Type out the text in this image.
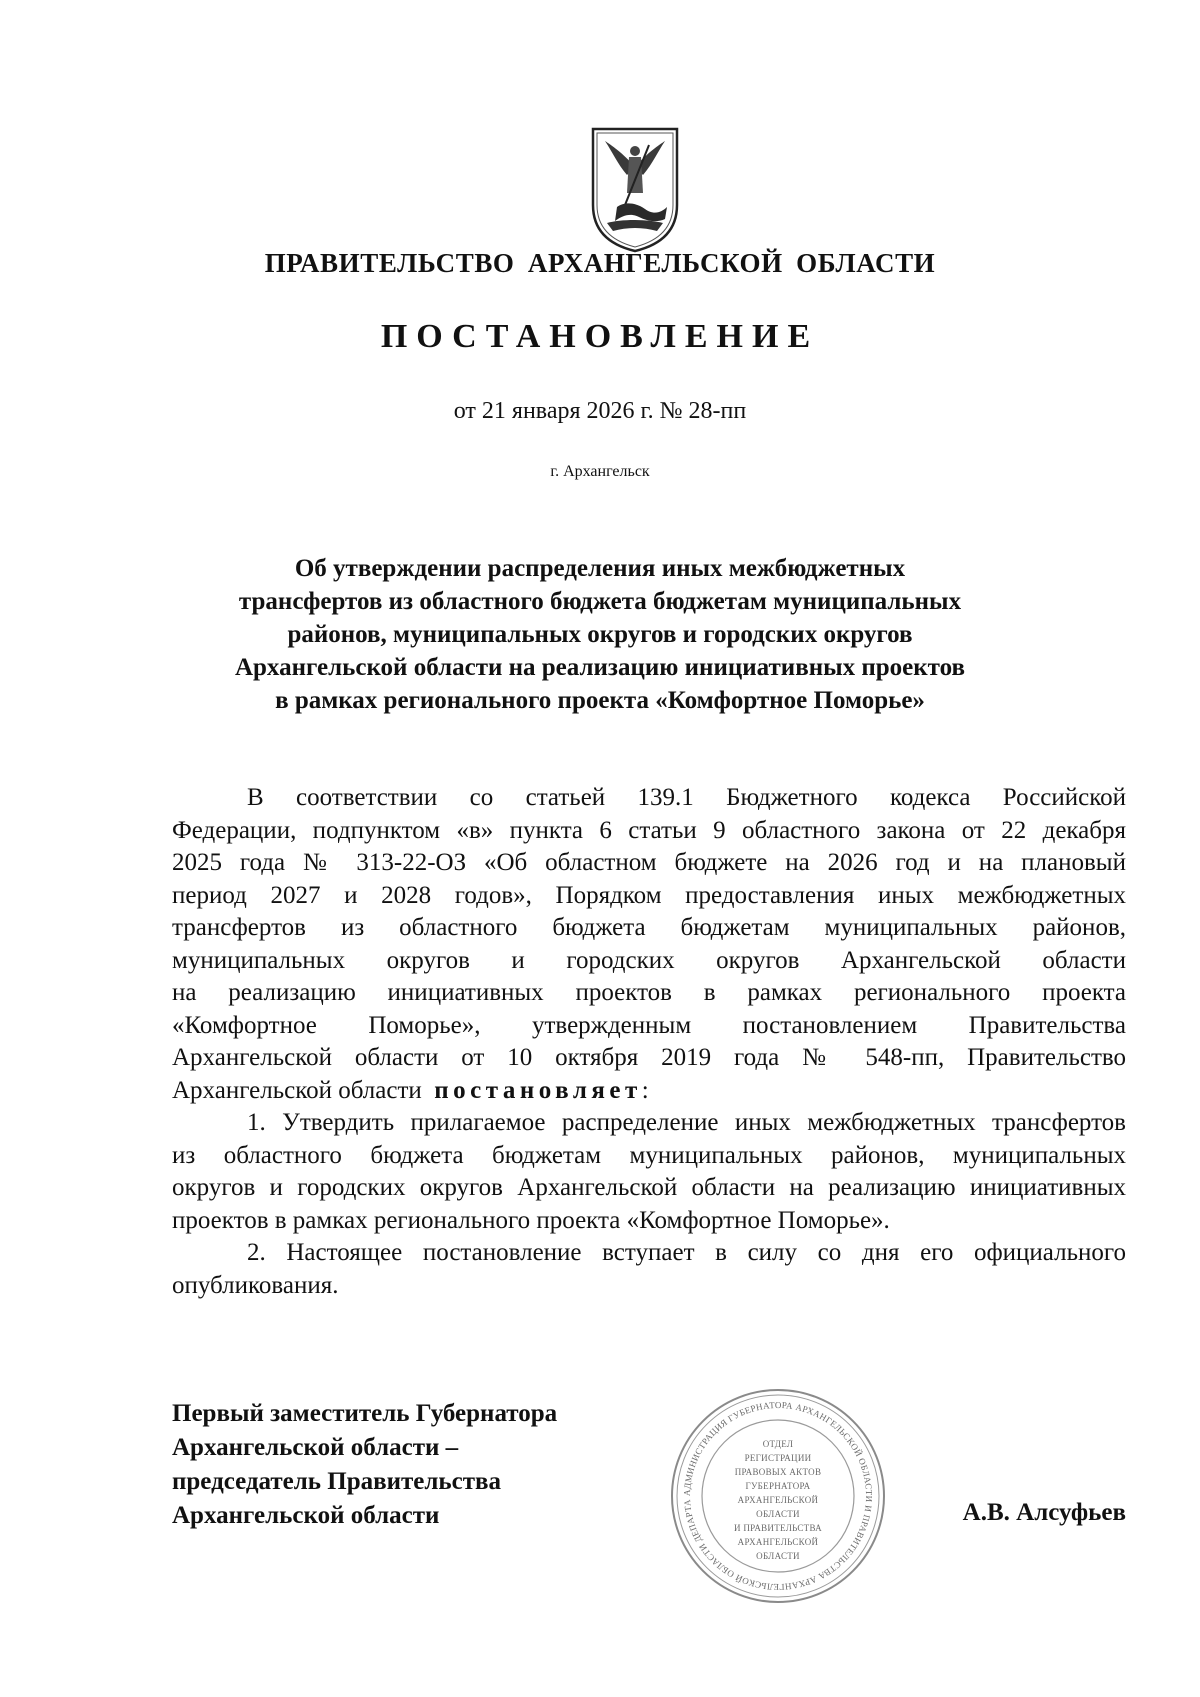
ПРАВИТЕЛЬСТВО АРХАНГЕЛЬСКОЙ ОБЛАСТИ
ПОСТАНОВЛЕНИЕ
от 21 января 2026 г. № 28-пп
г. Архангельск
Об утверждении распределения иных межбюджетных
трансфертов из областного бюджета бюджетам муниципальных
районов, муниципальных округов и городских округов
Архангельской области на реализацию инициативных проектов
в рамках регионального проекта «Комфортное Поморье»
В соответствии со статьей 139.1 Бюджетного кодекса Российской
Федерации, подпунктом «в» пункта 6 статьи 9 областного закона от 22 декабря
2025 года № 313-22-ОЗ «Об областном бюджете на 2026 год и на плановый
период 2027 и 2028 годов», Порядком предоставления иных межбюджетных
трансфертов из областного бюджета бюджетам муниципальных районов,
муниципальных округов и городских округов Архангельской области
на реализацию инициативных проектов в рамках регионального проекта
«Комфортное Поморье», утвержденным постановлением Правительства
Архангельской области от 10 октября 2019 года № 548-пп, Правительство
Архангельской области постановляет:
1. Утвердить прилагаемое распределение иных межбюджетных трансфертов
из областного бюджета бюджетам муниципальных районов, муниципальных
округов и городских округов Архангельской области на реализацию инициативных
проектов в рамках регионального проекта «Комфортное Поморье».
2. Настоящее постановление вступает в силу со дня его официального
опубликования.
АДМИНИСТРАЦИЯ ГУБЕРНАТОРА АРХАНГЕЛЬСКОЙ ОБЛАСТИ И ПРАВИТЕЛЬСТВА АРХАНГЕЛЬСКОЙ ОБЛАСТИ ДЕПАРТА
ОТДЕЛ
РЕГИСТРАЦИИ
ПРАВОВЫХ АКТОВ
ГУБЕРНАТОРА
АРХАНГЕЛЬСКОЙ
ОБЛАСТИ
И ПРАВИТЕЛЬСТВА
АРХАНГЕЛЬСКОЙ
ОБЛАСТИ
Первый заместитель Губернатора
Архангельской области –
председатель Правительства
Архангельской области	А.В. Алсуфьев
